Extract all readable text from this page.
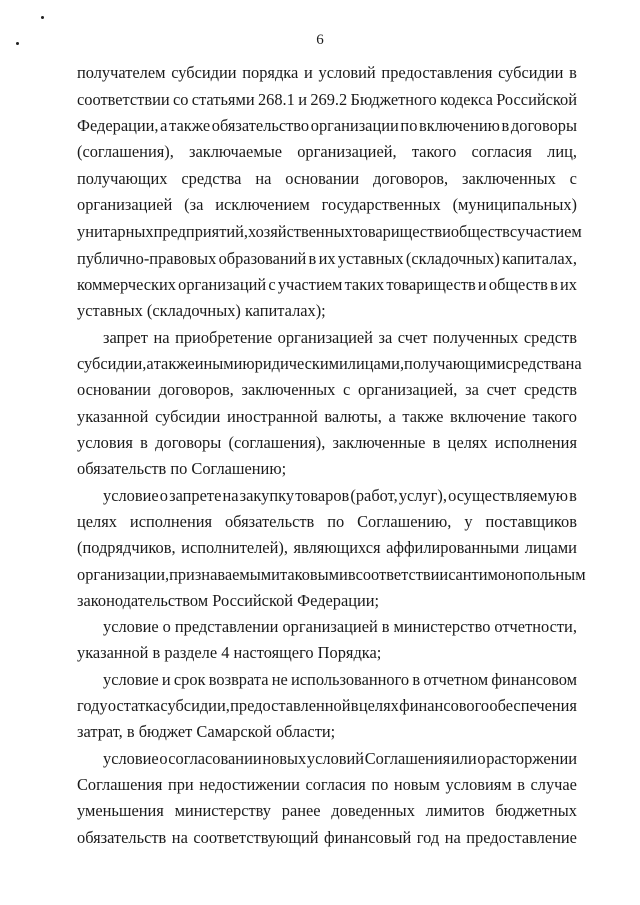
6
получателем субсидии порядка и условий предоставления субсидии в
соответствии со статьями 268.1 и 269.2 Бюджетного кодекса Российской
Федерации, а также обязательство организации по включению в договоры
(соглашения), заключаемые организацией, такого согласия лиц,
получающих средства на основании договоров, заключенных с
организацией (за исключением государственных (муниципальных)
унитарных предприятий, хозяйственных товариществ и обществ с участием
публично-правовых образований в их уставных (складочных) капиталах,
коммерческих организаций с участием таких товариществ и обществ в их
уставных (складочных) капиталах);
запрет на приобретение организацией за счет полученных средств
субсидии, а также иными юридическими лицами, получающими средства на
основании договоров, заключенных с организацией, за счет средств
указанной субсидии иностранной валюты, а также включение такого
условия в договоры (соглашения), заключенные в целях исполнения
обязательств по Соглашению;
условие о запрете на закупку товаров (работ, услуг), осуществляемую в
целях исполнения обязательств по Соглашению, у поставщиков
(подрядчиков, исполнителей), являющихся аффилированными лицами
организации, признаваемыми таковыми в соответствии с антимонопольным
законодательством Российской Федерации;
условие о представлении организацией в министерство отчетности,
указанной в разделе 4 настоящего Порядка;
условие и срок возврата не использованного в отчетном финансовом
году остатка субсидии, предоставленной в целях финансового обеспечения
затрат, в бюджет Самарской области;
условие о согласовании новых условий Соглашения или о расторжении
Соглашения при недостижении согласия по новым условиям в случае
уменьшения министерству ранее доведенных лимитов бюджетных
обязательств на соответствующий финансовый год на предоставление
